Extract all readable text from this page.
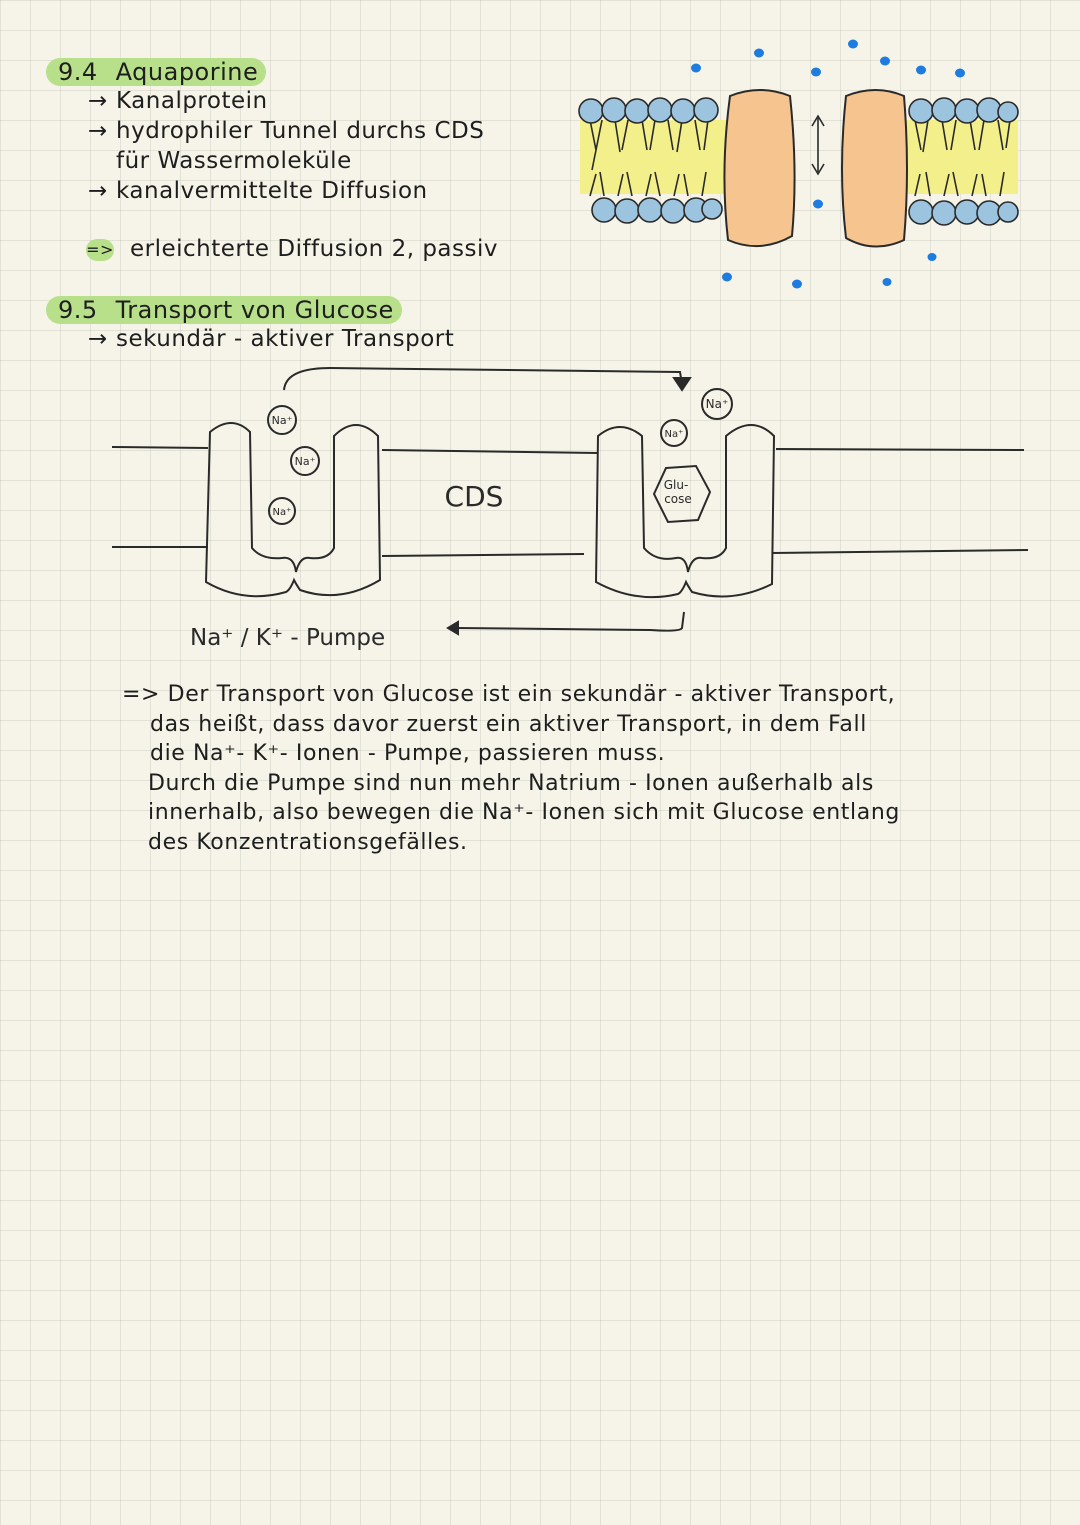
9.4 Aquaporine
→ Kanalprotein
→ hydrophiler Tunnel durchs CDS
für Wassermoleküle
→ kanalvermittelte Diffusion
=> erleichterte Diffusion 2, passiv
9.5 Transport von Glucose
→ sekundär - aktiver Transport
Na⁺
Na⁺
Na⁺
Na⁺
Na⁺
Glu-
cose
CDS
Na⁺ / K⁺ - Pumpe
=> Der Transport von Glucose ist ein sekundär - aktiver Transport,
das heißt, dass davor zuerst ein aktiver Transport, in dem Fall
die Na⁺- K⁺- Ionen - Pumpe, passieren muss.
Durch die Pumpe sind nun mehr Natrium - Ionen außerhalb als
innerhalb, also bewegen die Na⁺- Ionen sich mit Glucose entlang
des Konzentrationsgefälles.
